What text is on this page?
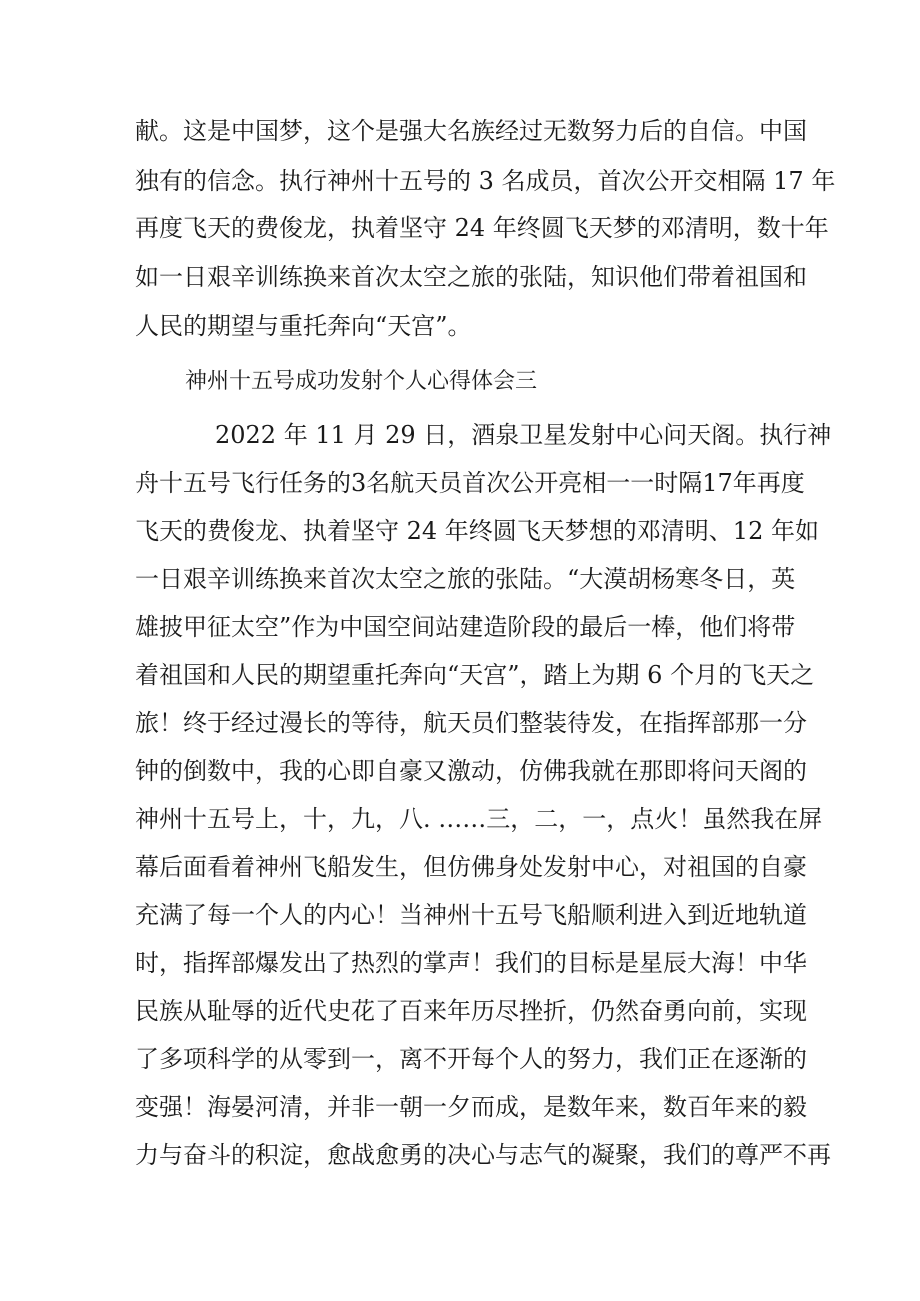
献。这是中国梦，这个是强大名族经过无数努力后的自信。中国

独有的信念。执行神州十五号的 3 名成员，首次公开交相隔 17 年

再度飞天的费俊龙，执着坚守 24 年终圆飞天梦的邓清明，数十年

如一日艰辛训练换来首次太空之旅的张陆，知识他们带着祖国和

人民的期望与重托奔向“天宫”。

神州十五号成功发射个人心得体会三

2022 年 11 月 29 日，酒泉卫星发射中心问天阁。执行神

舟十五号飞行任务的3名航天员首次公开亮相一一时隔17年再度

飞天的费俊龙、执着坚守 24 年终圆飞天梦想的邓清明、12 年如

一日艰辛训练换来首次太空之旅的张陆。“大漠胡杨寒冬日，英

雄披甲征太空”作为中国空间站建造阶段的最后一棒，他们将带

着祖国和人民的期望重托奔向“天宫”，踏上为期 6 个月的飞天之

旅！终于经过漫长的等待，航天员们整装待发，在指挥部那一分

钟的倒数中，我的心即自豪又激动，仿佛我就在那即将问天阁的

神州十五号上，十，九，八. ……三，二，一，点火！虽然我在屏

幕后面看着神州飞船发生，但仿佛身处发射中心，对祖国的自豪

充满了每一个人的内心！当神州十五号飞船顺利进入到近地轨道

时，指挥部爆发出了热烈的掌声！我们的目标是星辰大海！中华

民族从耻辱的近代史花了百来年历尽挫折，仍然奋勇向前，实现

了多项科学的从零到一，离不开每个人的努力，我们正在逐渐的

变强！海晏河清，并非一朝一夕而成，是数年来，数百年来的毅

力与奋斗的积淀，愈战愈勇的决心与志气的凝聚，我们的尊严不再
